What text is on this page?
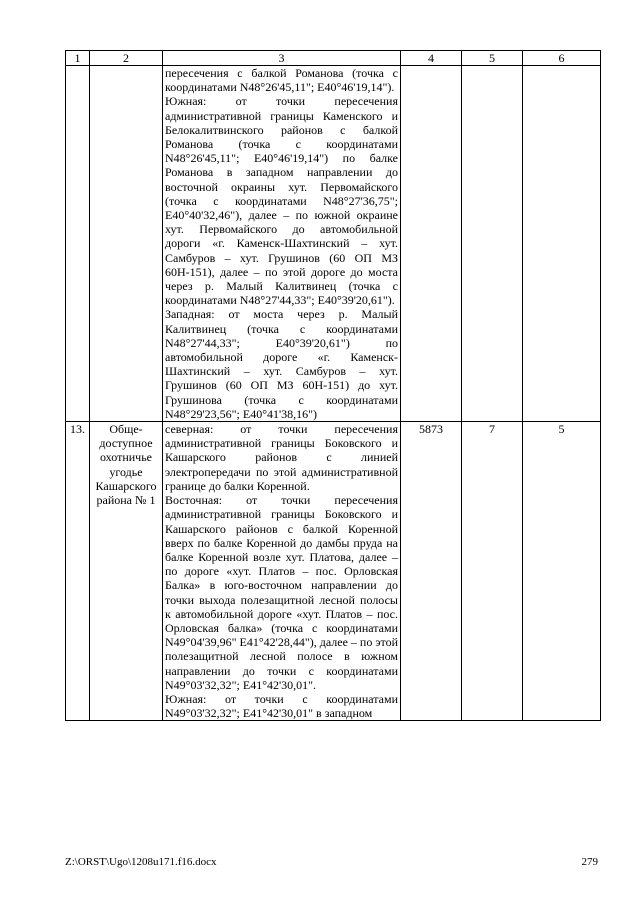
1	2	3	4	5	6

		пересечения с балкой Романова (точка с координатами N48°26'45,11"; E40°46'19,14").

Южная: от точки пересечения административной границы Каменского и Белокалитвинского районов с балкой Романова (точка с координатами N48°26'45,11"; E40°46'19,14") по балке Романова в западном направлении до восточной окраины хут. Первомайского (точка с координатами N48°27'36,75"; E40°40'32,46"), далее – по южной окраине хут. Первомайского до автомобильной дороги «г. Каменск-Шахтинский – хут. Самбуров – хут. Грушинов (60 ОП МЗ 60Н-151), далее – по этой дороге до моста через р. Малый Калитвинец (точка с координатами N48°27'44,33"; E40°39'20,61").

Западная: от моста через р. Малый Калитвинец (точка с координатами N48°27'44,33"; E40°39'20,61") по автомобильной дороге «г. Каменск-Шахтинский – хут. Самбуров – хут. Грушинов (60 ОП МЗ 60Н-151) до хут. Грушинова (точка с координатами N48°29'23,56"; E40°41'38,16")			

13.	Обще-доступное охотничье угодье Кашарского района № 1	северная: от точки пересечения административной границы Боковского и Кашарского районов с линией электропередачи по этой административной границе до балки Коренной.

Восточная: от точки пересечения административной границы Боковского и Кашарского районов с балкой Коренной вверх по балке Коренной до дамбы пруда на балке Коренной возле хут. Платова, далее – по дороге «хут. Платов – пос. Орловская Балка» в юго-восточном направлении до точки выхода полезащитной лесной полосы к автомобильной дороге «хут. Платов – пос. Орловская балка» (точка с координатами N49°04'39,96" E41°42'28,44"), далее – по этой полезащитной лесной полосе в южном направлении до точки с координатами N49°03'32,32"; E41°42'30,01".

Южная: от точки с координатами N49°03'32,32"; E41°42'30,01" в западном	5873	7	5
Z:\ORST\Ugo\1208u171.f16.docx	279
